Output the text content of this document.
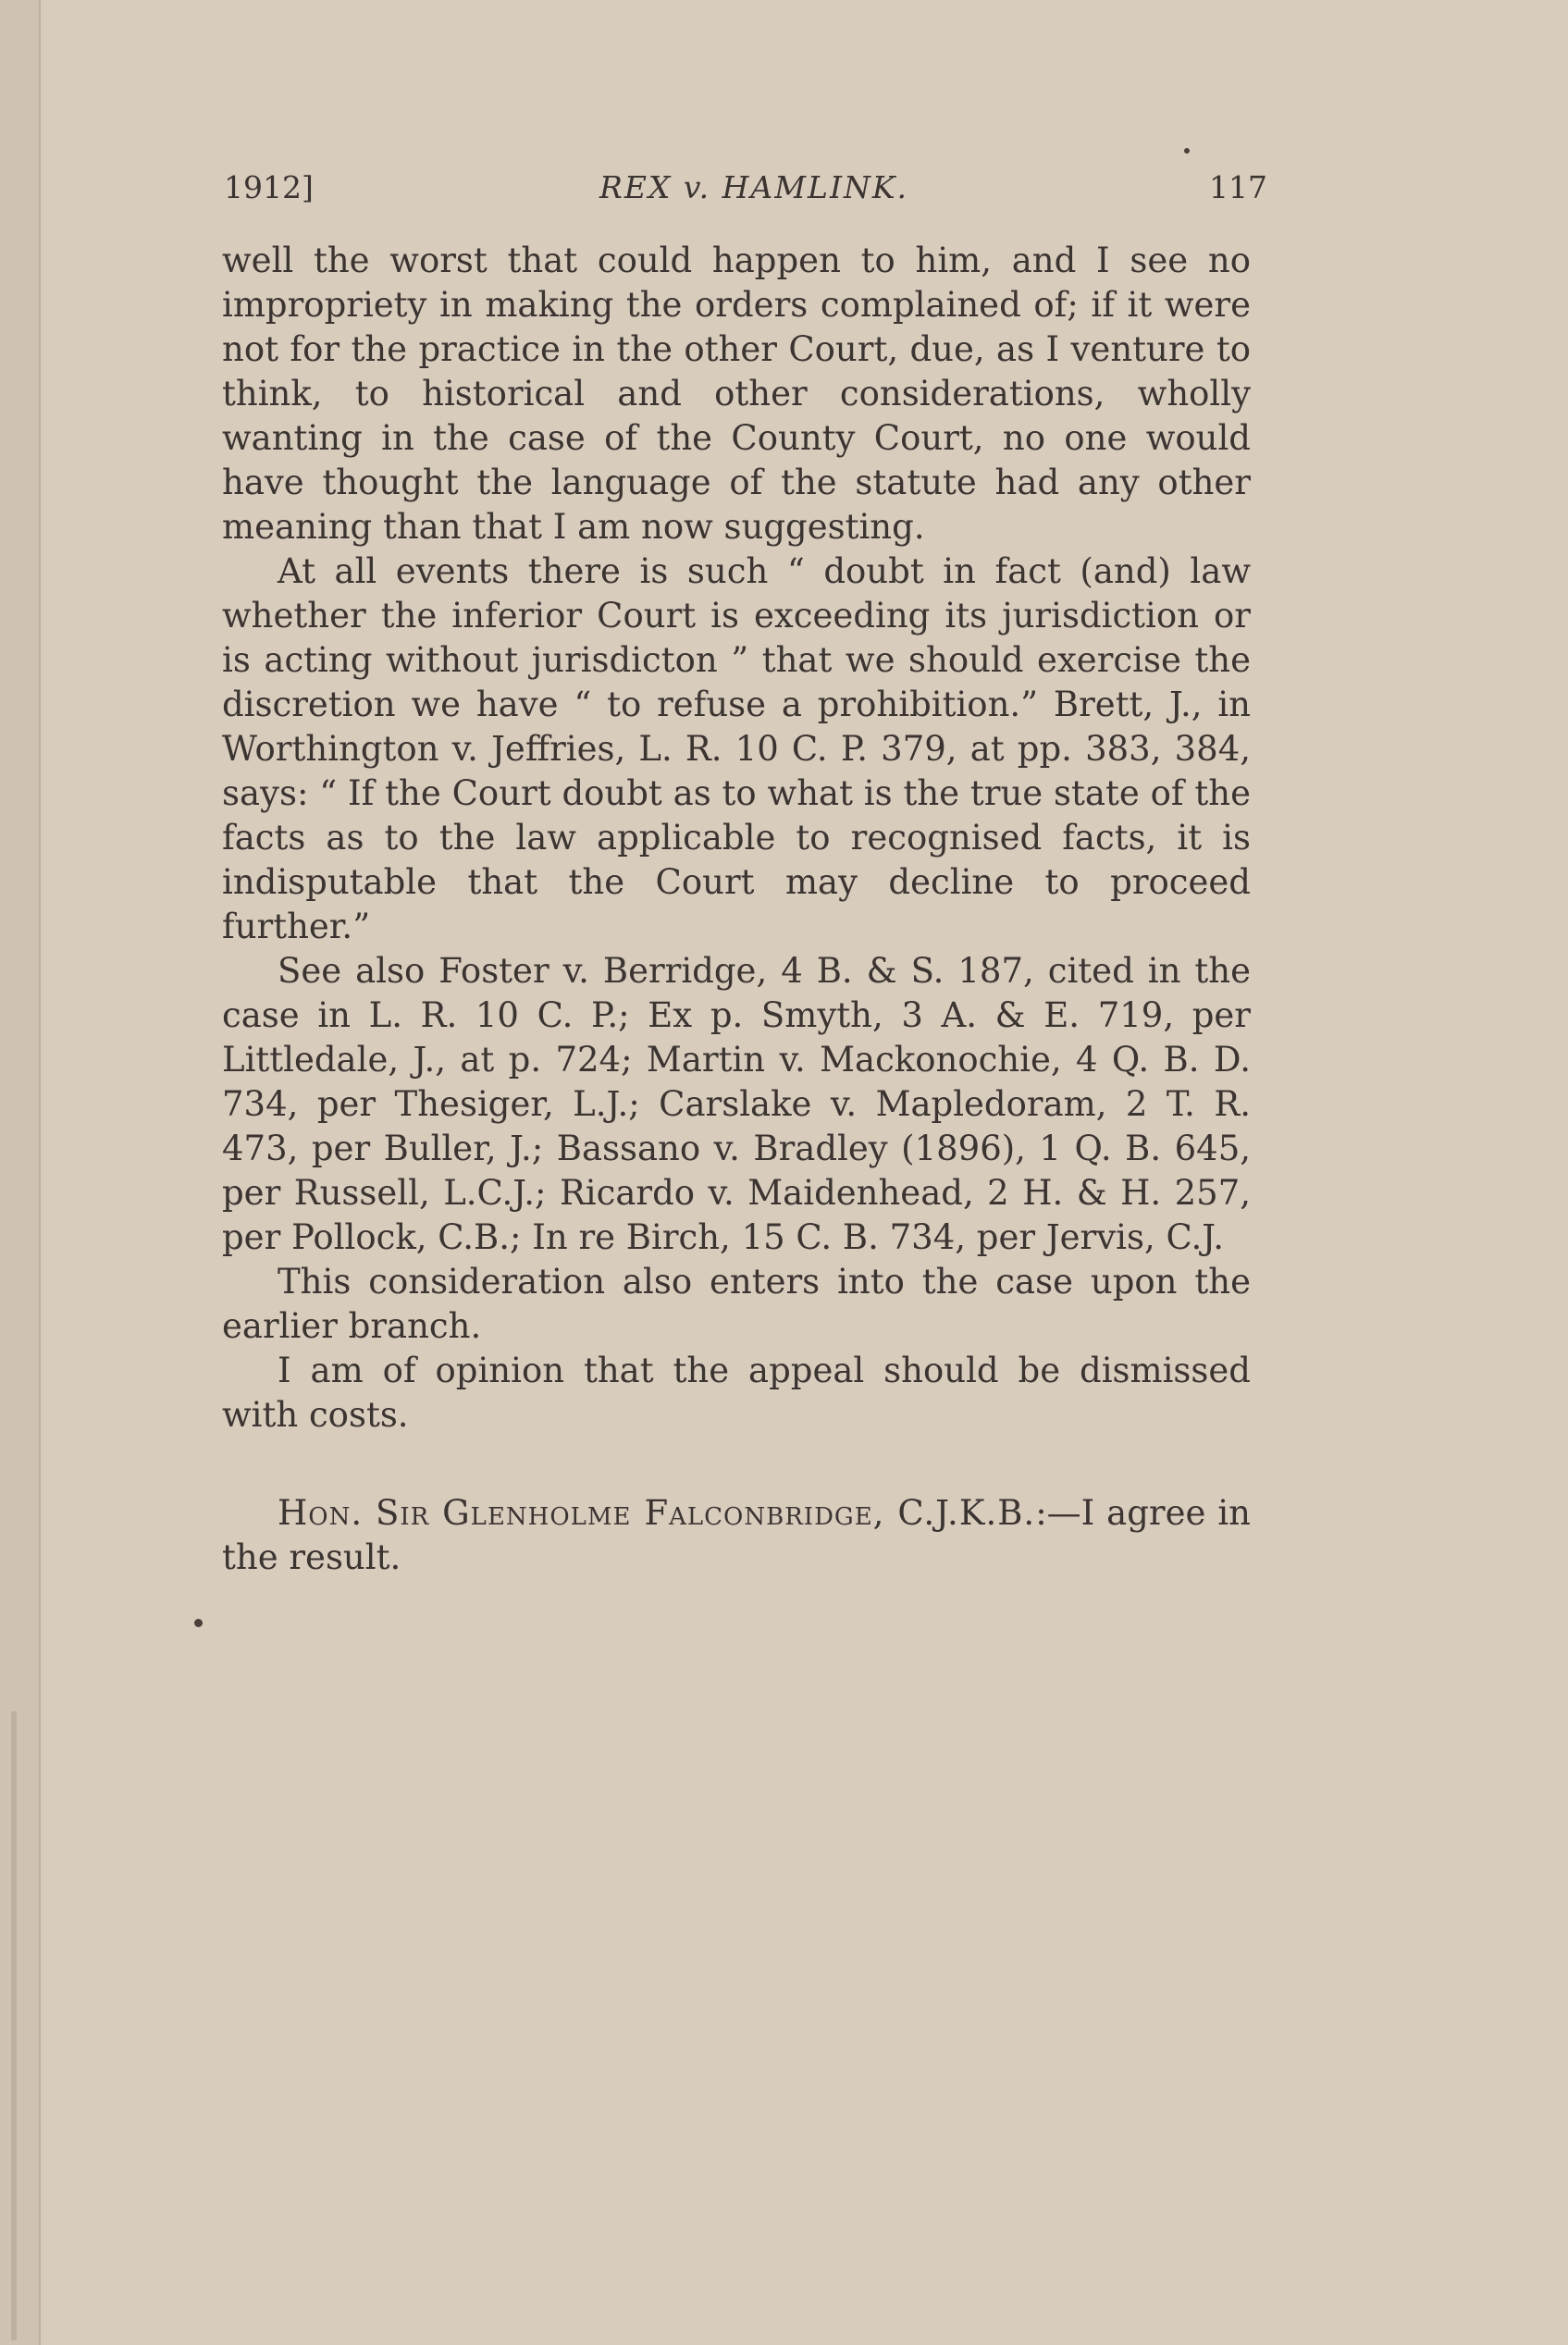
1912]	REX v. HAMLINK.	117

well the worst that could happen to him, and I see no impropriety in making the orders complained of; if it were not for the practice in the other Court, due, as I venture to think, to historical and other considerations, wholly wanting in the case of the County Court, no one would have thought the language of the statute had any other meaning than that I am now suggesting.

At all events there is such “ doubt in fact (and) law whether the inferior Court is exceeding its jurisdiction or is acting without jurisdicton ” that we should exercise the discretion we have “ to refuse a prohibition.” Brett, J., in Worthington v. Jeffries, L. R. 10 C. P. 379, at pp. 383, 384, says: “ If the Court doubt as to what is the true state of the facts as to the law applicable to recognised facts, it is indisputable that the Court may decline to proceed further.”

See also Foster v. Berridge, 4 B. & S. 187, cited in the case in L. R. 10 C. P.; Ex p. Smyth, 3 A. & E. 719, per Littledale, J., at p. 724; Martin v. Mackonochie, 4 Q. B. D. 734, per Thesiger, L.J.; Carslake v. Mapledoram, 2 T. R. 473, per Buller, J.; Bassano v. Bradley (1896), 1 Q. B. 645, per Russell, L.C.J.; Ricardo v. Maidenhead, 2 H. & H. 257, per Pollock, C.B.; In re Birch, 15 C. B. 734, per Jervis, C.J.

This consideration also enters into the case upon the earlier branch.

I am of opinion that the appeal should be dismissed with costs.

Hon. Sir Glenholme Falconbridge, C.J.K.B.:—I agree in the result.
